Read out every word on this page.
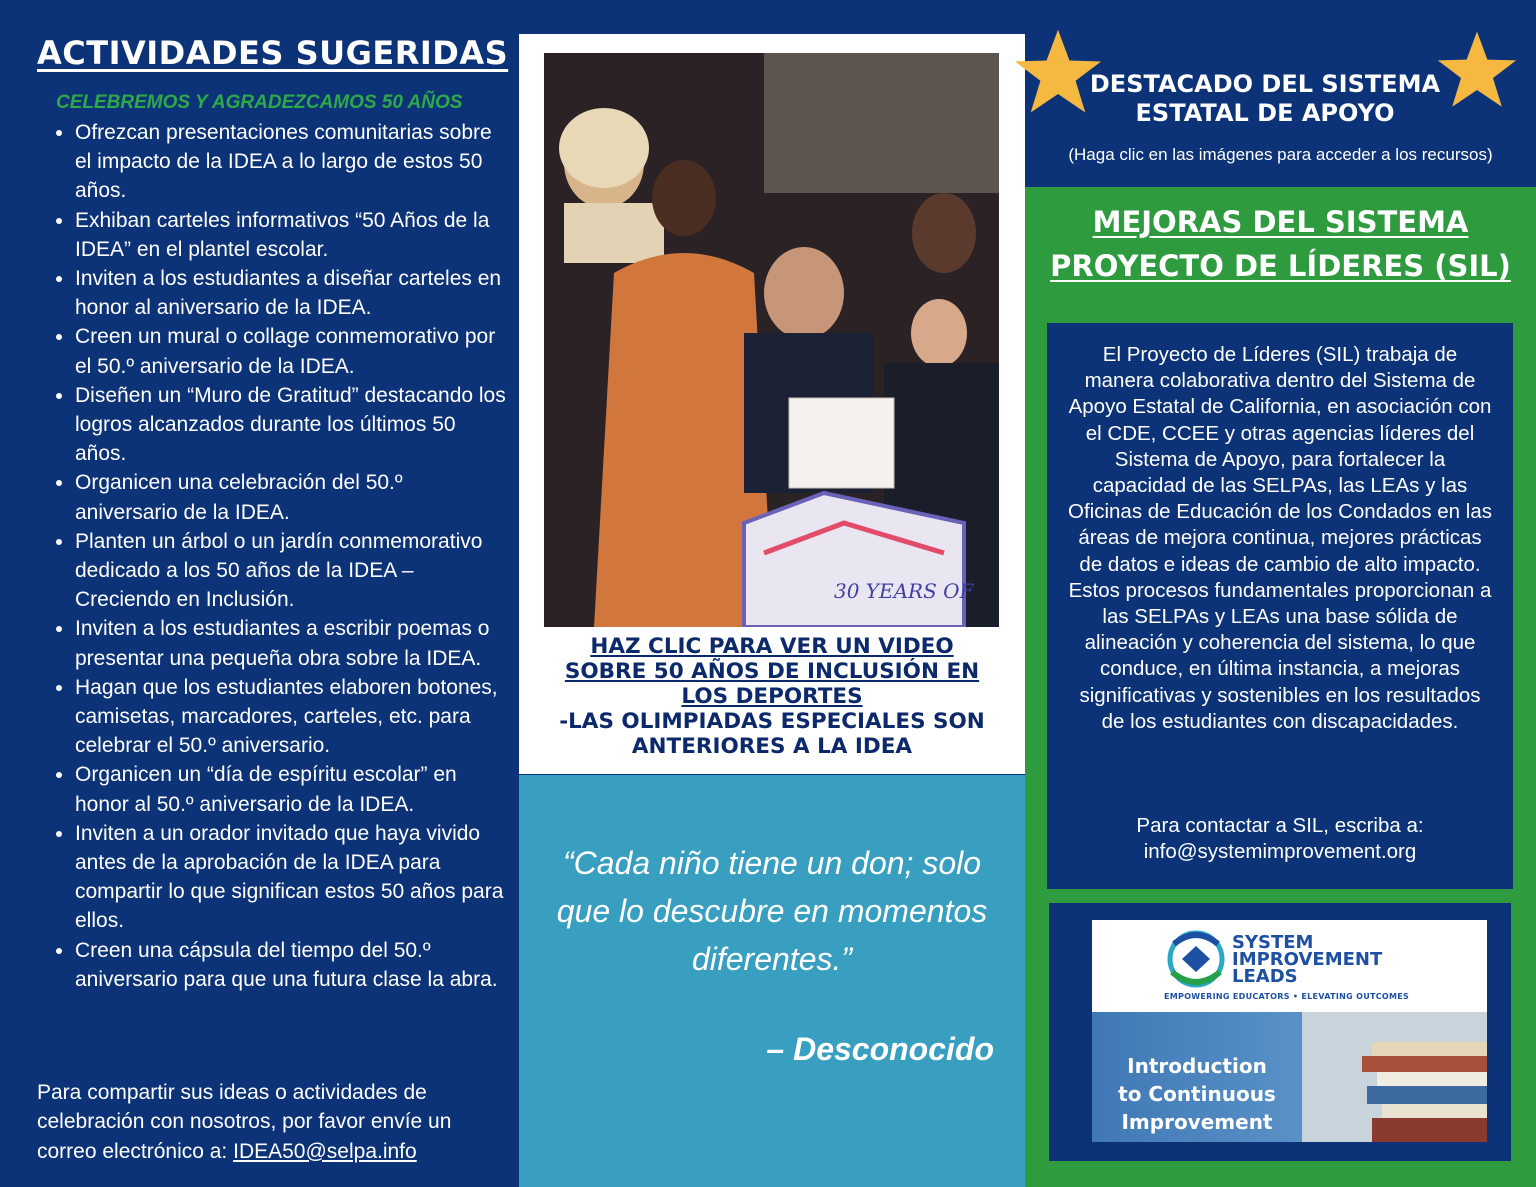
ACTIVIDADES SUGERIDAS
CELEBREMOS Y AGRADEZCAMOS 50 AÑOS
• Ofrezcan presentaciones comunitarias sobre el impacto de la IDEA a lo largo de estos 50 años.
• Exhiban carteles informativos “50 Años de la IDEA” en el plantel escolar.
• Inviten a los estudiantes a diseñar carteles en honor al aniversario de la IDEA.
• Creen un mural o collage conmemorativo por el 50.º aniversario de la IDEA.
• Diseñen un “Muro de Gratitud” destacando los logros alcanzados durante los últimos 50 años.
• Organicen una celebración del 50.º aniversario de la IDEA.
• Planten un árbol o un jardín conmemorativo dedicado a los 50 años de la IDEA – Creciendo en Inclusión.
• Inviten a los estudiantes a escribir poemas o presentar una pequeña obra sobre la IDEA.
• Hagan que los estudiantes elaboren botones, camisetas, marcadores, carteles, etc. para celebrar el 50.º aniversario.
• Organicen un “día de espíritu escolar” en honor al 50.º aniversario de la IDEA.
• Inviten a un orador invitado que haya vivido antes de la aprobación de la IDEA para compartir lo que significan estos 50 años para ellos.
• Creen una cápsula del tiempo del 50.º aniversario para que una futura clase la abra.
Para compartir sus ideas o actividades de celebración con nosotros, por favor envíe un correo electrónico a: IDEA50@selpa.info
30 YEARS OF
HAZ CLIC PARA VER UN VIDEO
SOBRE 50 AÑOS DE INCLUSIÓN EN
LOS DEPORTES
-LAS OLIMPIADAS ESPECIALES SON
ANTERIORES A LA IDEA
“Cada niño tiene un don; solo que lo descubre en momentos diferentes.”
– Desconocido
DESTACADO DEL SISTEMA ESTATAL DE APOYO
(Haga clic en las imágenes para acceder a los recursos)
MEJORAS DEL SISTEMA
PROYECTO DE LÍDERES (SIL)
El Proyecto de Líderes (SIL) trabaja de manera colaborativa dentro del Sistema de Apoyo Estatal de California, en asociación con el CDE, CCEE y otras agencias líderes del Sistema de Apoyo, para fortalecer la capacidad de las SELPAs, las LEAs y las Oficinas de Educación de los Condados en las áreas de mejora continua, mejores prácticas de datos e ideas de cambio de alto impacto. Estos procesos fundamentales proporcionan a las SELPAs y LEAs una base sólida de alineación y coherencia del sistema, lo que conduce, en última instancia, a mejoras significativas y sostenibles en los resultados de los estudiantes con discapacidades.
Para contactar a SIL, escriba a:
info@systemimprovement.org
SYSTEM
IMPROVEMENT
LEADS
EMPOWERING EDUCATORS • ELEVATING OUTCOMES
Introduction
to Continuous
Improvement
